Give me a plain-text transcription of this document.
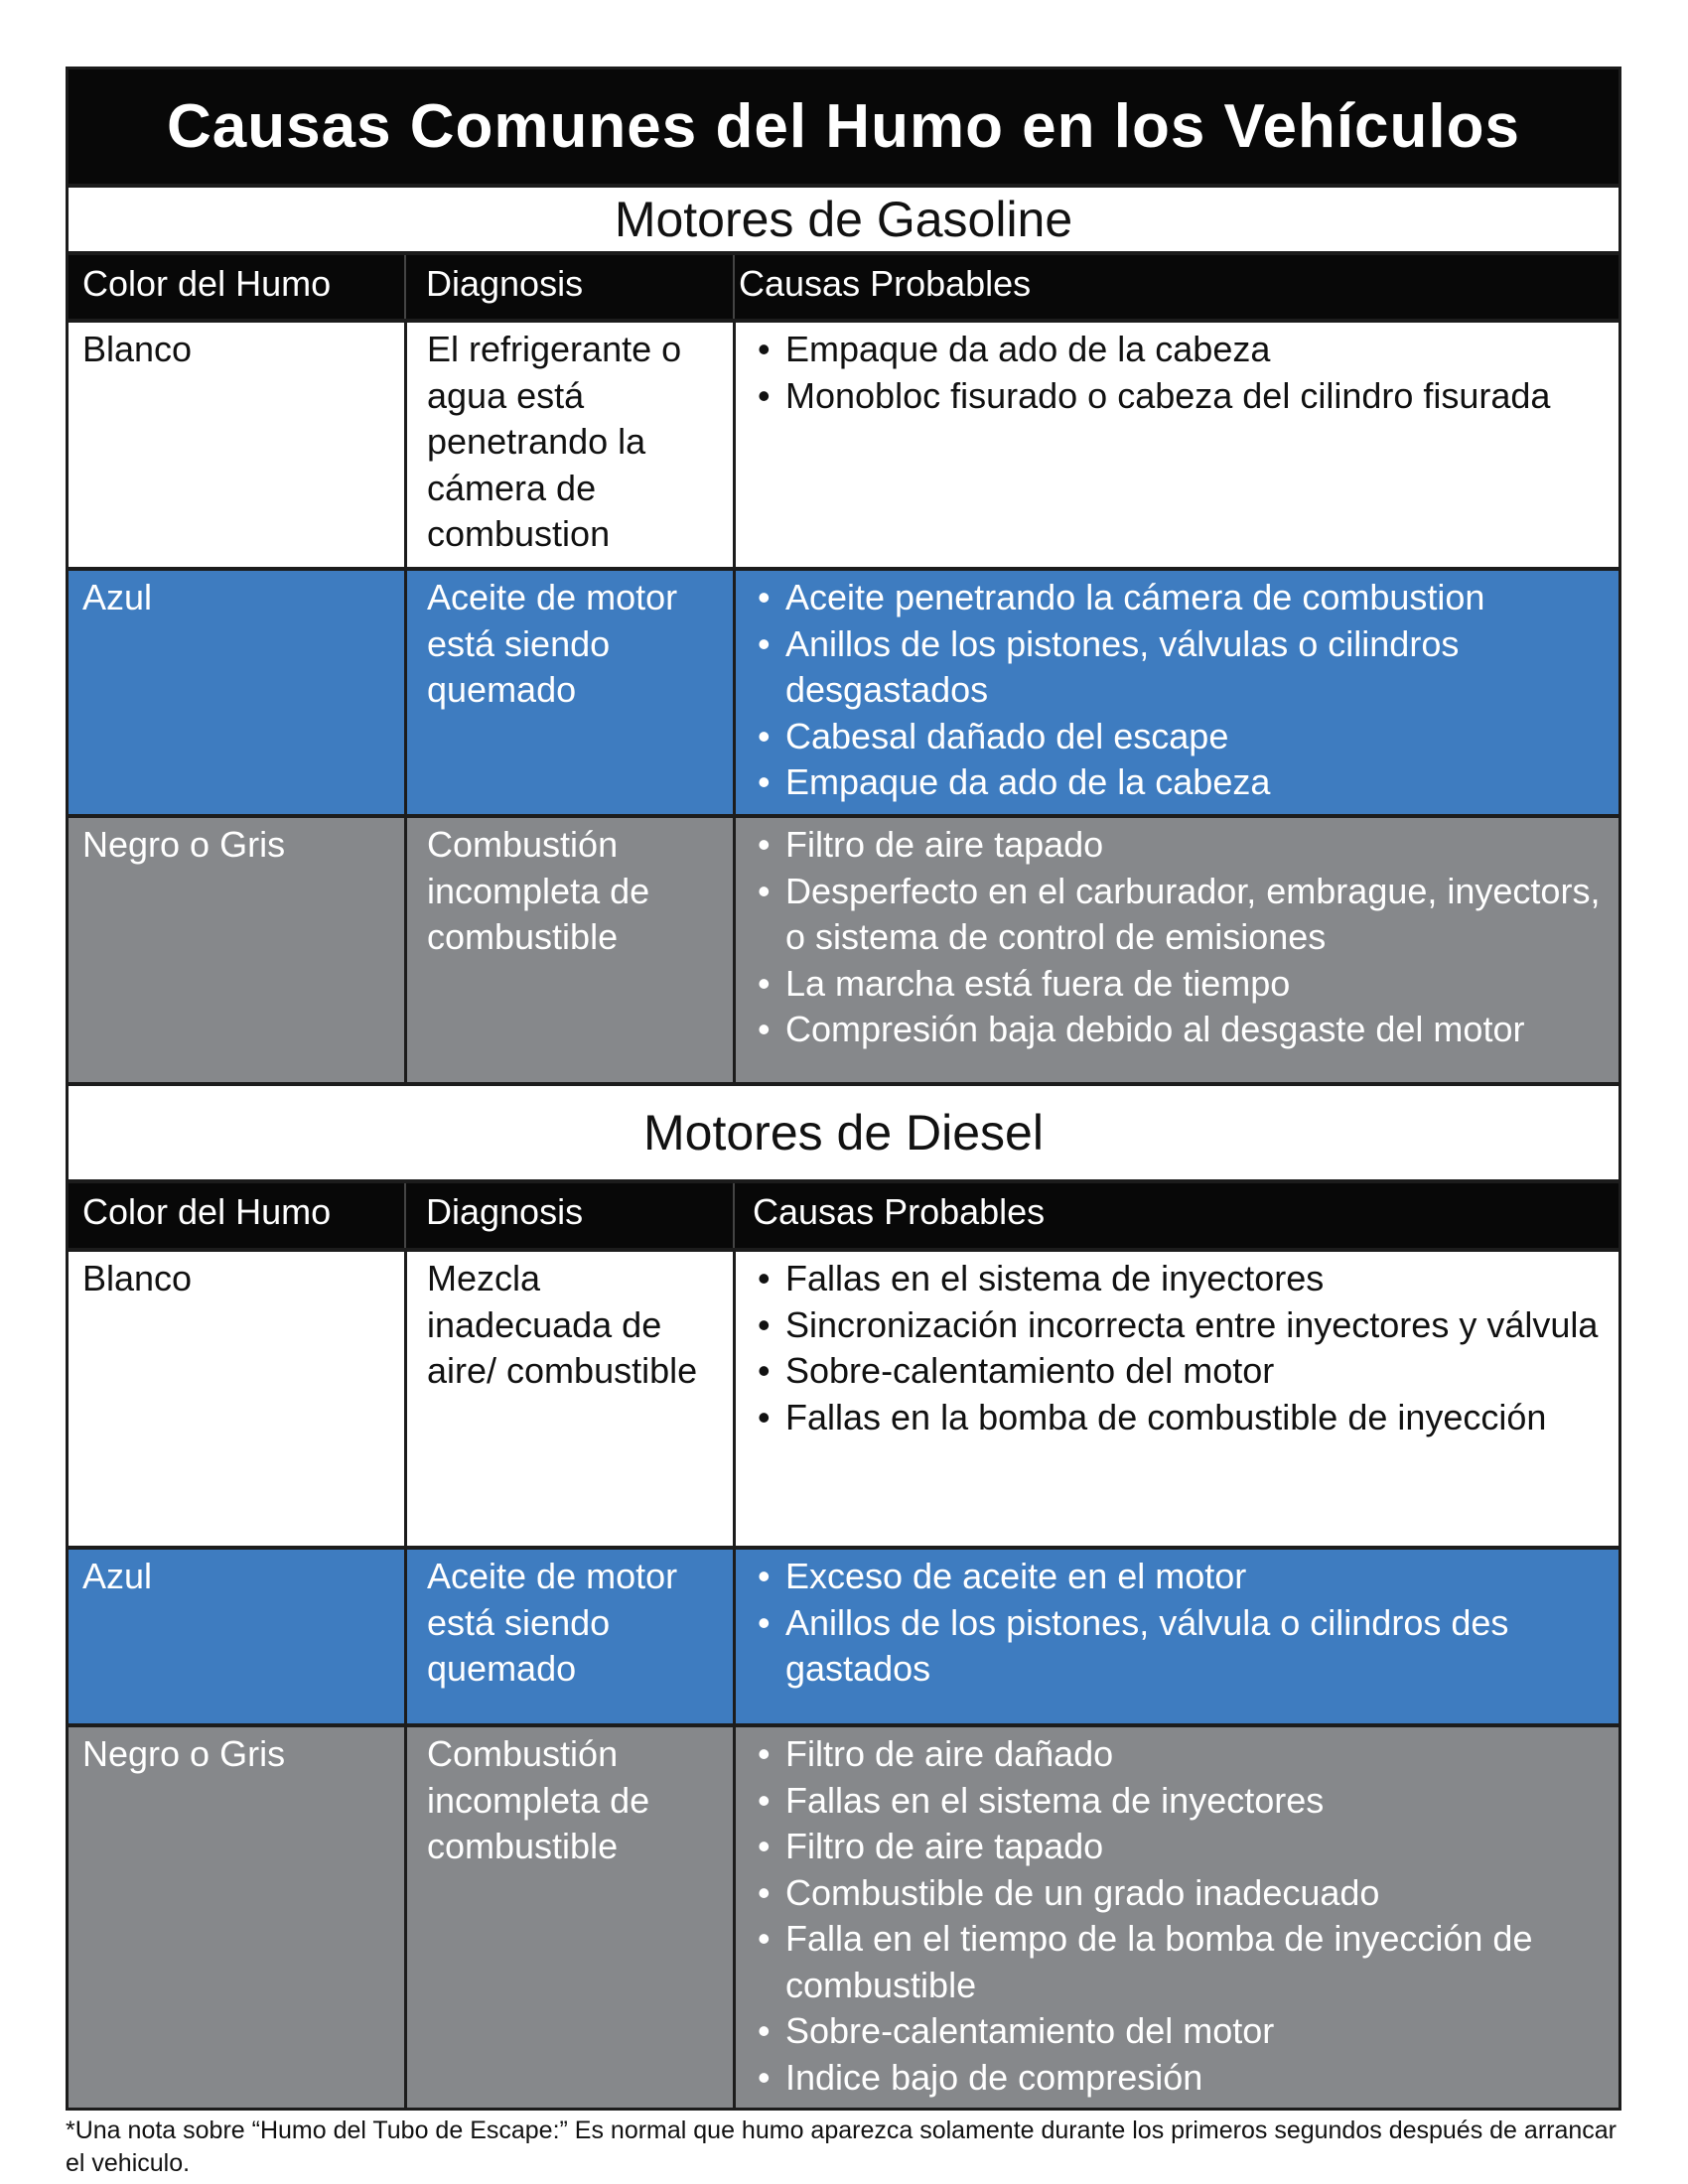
Causas Comunes del Humo en los Vehículos
Motores de Gasoline
Color del Humo	Diagnosis	Causas Probables
Blanco	El refrigerante o agua está penetrando la cámera de combustion
• Empaque da ado de la cabeza
• Monobloc fisurado o cabeza del cilindro fisurada
Azul	Aceite de motor está siendo quemado
• Aceite penetrando la cámera de combustion
• Anillos de los pistones, válvulas o cilindros desgastados
• Cabesal dañado del escape
• Empaque da ado de la cabeza
Negro o Gris	Combustión incompleta de combustible
• Filtro de aire tapado
• Desperfecto en el carburador, embrague, inyectors, o sistema de control de emisiones
• La marcha está fuera de tiempo
• Compresión baja debido al desgaste del motor
Motores de Diesel
Color del Humo	Diagnosis	Causas Probables
Blanco	Mezcla inadecuada de aire/ combustible
• Fallas en el sistema de inyectores
• Sincronización incorrecta entre inyectores y válvula
• Sobre-calentamiento del motor
• Fallas en la bomba de combustible de inyección
Azul	Aceite de motor está siendo quemado
• Exceso de aceite en el motor
• Anillos de los pistones, válvula o cilindros des gastados
Negro o Gris	Combustión incompleta de combustible
• Filtro de aire dañado
• Fallas en el sistema de inyectores
• Filtro de aire tapado
• Combustible de un grado inadecuado
• Falla en el tiempo de la bomba de inyección de combustible
• Sobre-calentamiento del motor
• Indice bajo de compresión
*Una nota sobre “Humo del Tubo de Escape:” Es normal que humo aparezca solamente durante los primeros segundos después de arrancar el vehiculo.
